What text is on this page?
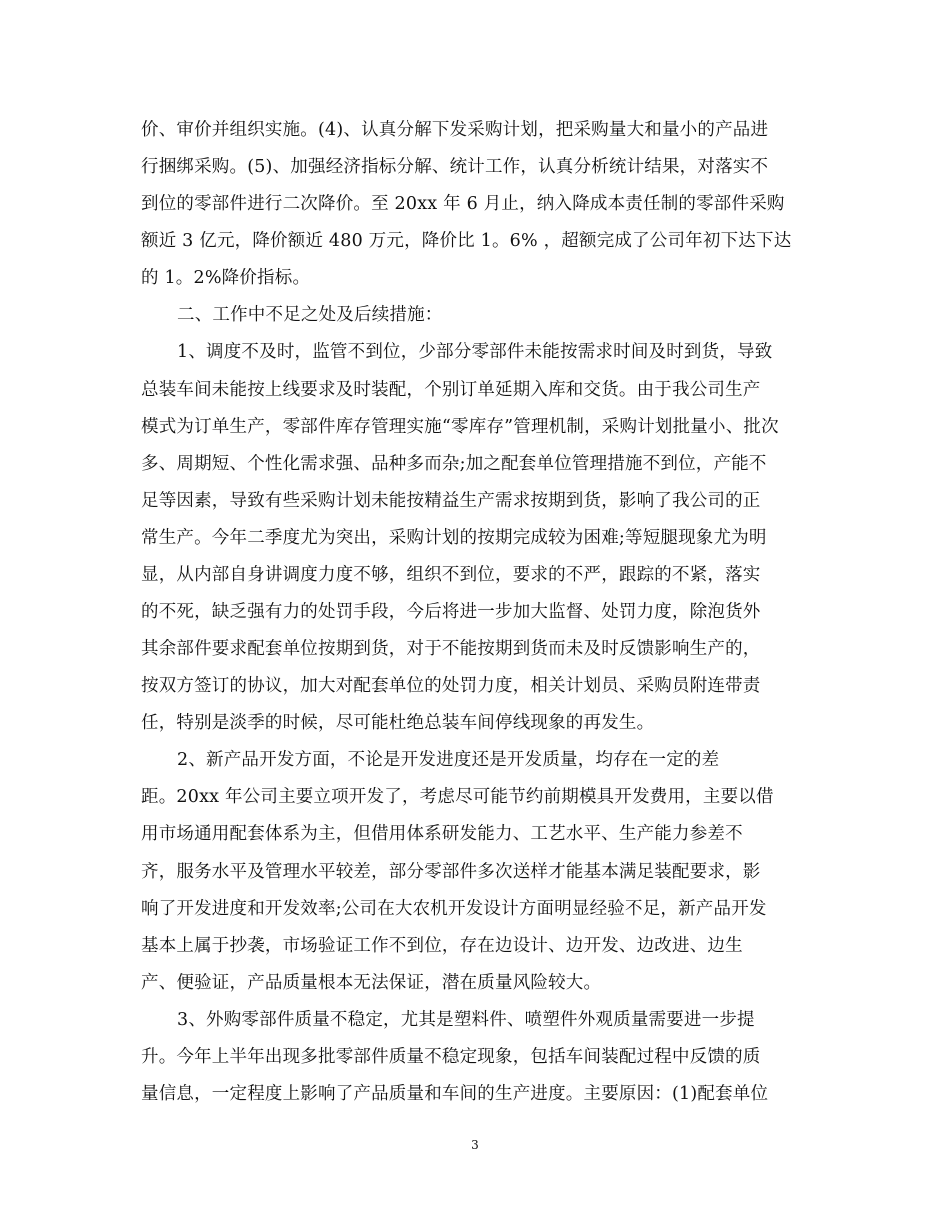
价、审价并组织实施。(4)、认真分解下发采购计划，把采购量大和量小的产品进
行捆绑采购。(5)、加强经济指标分解、统计工作，认真分析统计结果，对落实不
到位的零部件进行二次降价。至 20xx 年 6 月止，纳入降成本责任制的零部件采购
额近 3 亿元，降价额近 480 万元，降价比 1。6% ，超额完成了公司年初下达下达
的 1。2%降价指标。
二、工作中不足之处及后续措施：
1、调度不及时，监管不到位，少部分零部件未能按需求时间及时到货，导致
总装车间未能按上线要求及时装配，个别订单延期入库和交货。由于我公司生产
模式为订单生产，零部件库存管理实施“零库存”管理机制，采购计划批量小、批次
多、周期短、个性化需求强、品种多而杂;加之配套单位管理措施不到位，产能不
足等因素，导致有些采购计划未能按精益生产需求按期到货，影响了我公司的正
常生产。今年二季度尤为突出，采购计划的按期完成较为困难;等短腿现象尤为明
显，从内部自身讲调度力度不够，组织不到位，要求的不严，跟踪的不紧，落实
的不死，缺乏强有力的处罚手段，今后将进一步加大监督、处罚力度，除泡货外
其余部件要求配套单位按期到货，对于不能按期到货而未及时反馈影响生产的，
按双方签订的协议，加大对配套单位的处罚力度，相关计划员、采购员附连带责
任，特别是淡季的时候，尽可能杜绝总装车间停线现象的再发生。
2、新产品开发方面，不论是开发进度还是开发质量，均存在一定的差
距。20xx 年公司主要立项开发了，考虑尽可能节约前期模具开发费用，主要以借
用市场通用配套体系为主，但借用体系研发能力、工艺水平、生产能力参差不
齐，服务水平及管理水平较差，部分零部件多次送样才能基本满足装配要求，影
响了开发进度和开发效率;公司在大农机开发设计方面明显经验不足，新产品开发
基本上属于抄袭，市场验证工作不到位，存在边设计、边开发、边改进、边生
产、便验证，产品质量根本无法保证，潜在质量风险较大。
3、外购零部件质量不稳定，尤其是塑料件、喷塑件外观质量需要进一步提
升。今年上半年出现多批零部件质量不稳定现象，包括车间装配过程中反馈的质
量信息，一定程度上影响了产品质量和车间的生产进度。主要原因：(1)配套单位
3
